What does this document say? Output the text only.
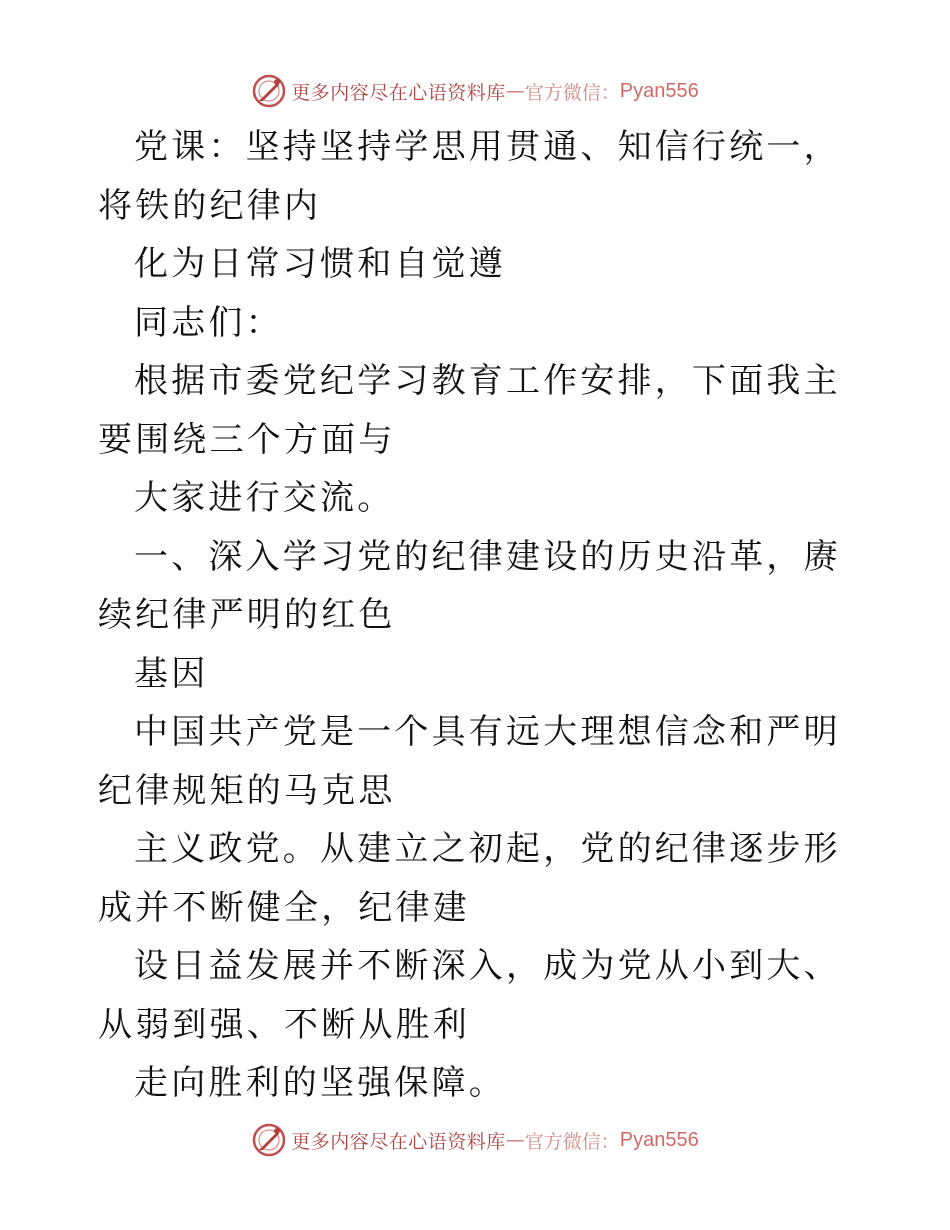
更多内容尽在心语资料库 — 官方微信： Pyan556

党课：坚持坚持学思用贯通、知信行统一，将铁的纪律内

化为日常习惯和自觉遵

同志们：

根据市委党纪学习教育工作安排，下面我主要围绕三个方面与

大家进行交流。

一、深入学习党的纪律建设的历史沿革，赓续纪律严明的红色

基因

中国共产党是一个具有远大理想信念和严明纪律规矩的马克思

主义政党。从建立之初起，党的纪律逐步形成并不断健全，纪律建

设日益发展并不断深入，成为党从小到大、从弱到强、不断从胜利

走向胜利的坚强保障。

更多内容尽在心语资料库 — 官方微信： Pyan556
